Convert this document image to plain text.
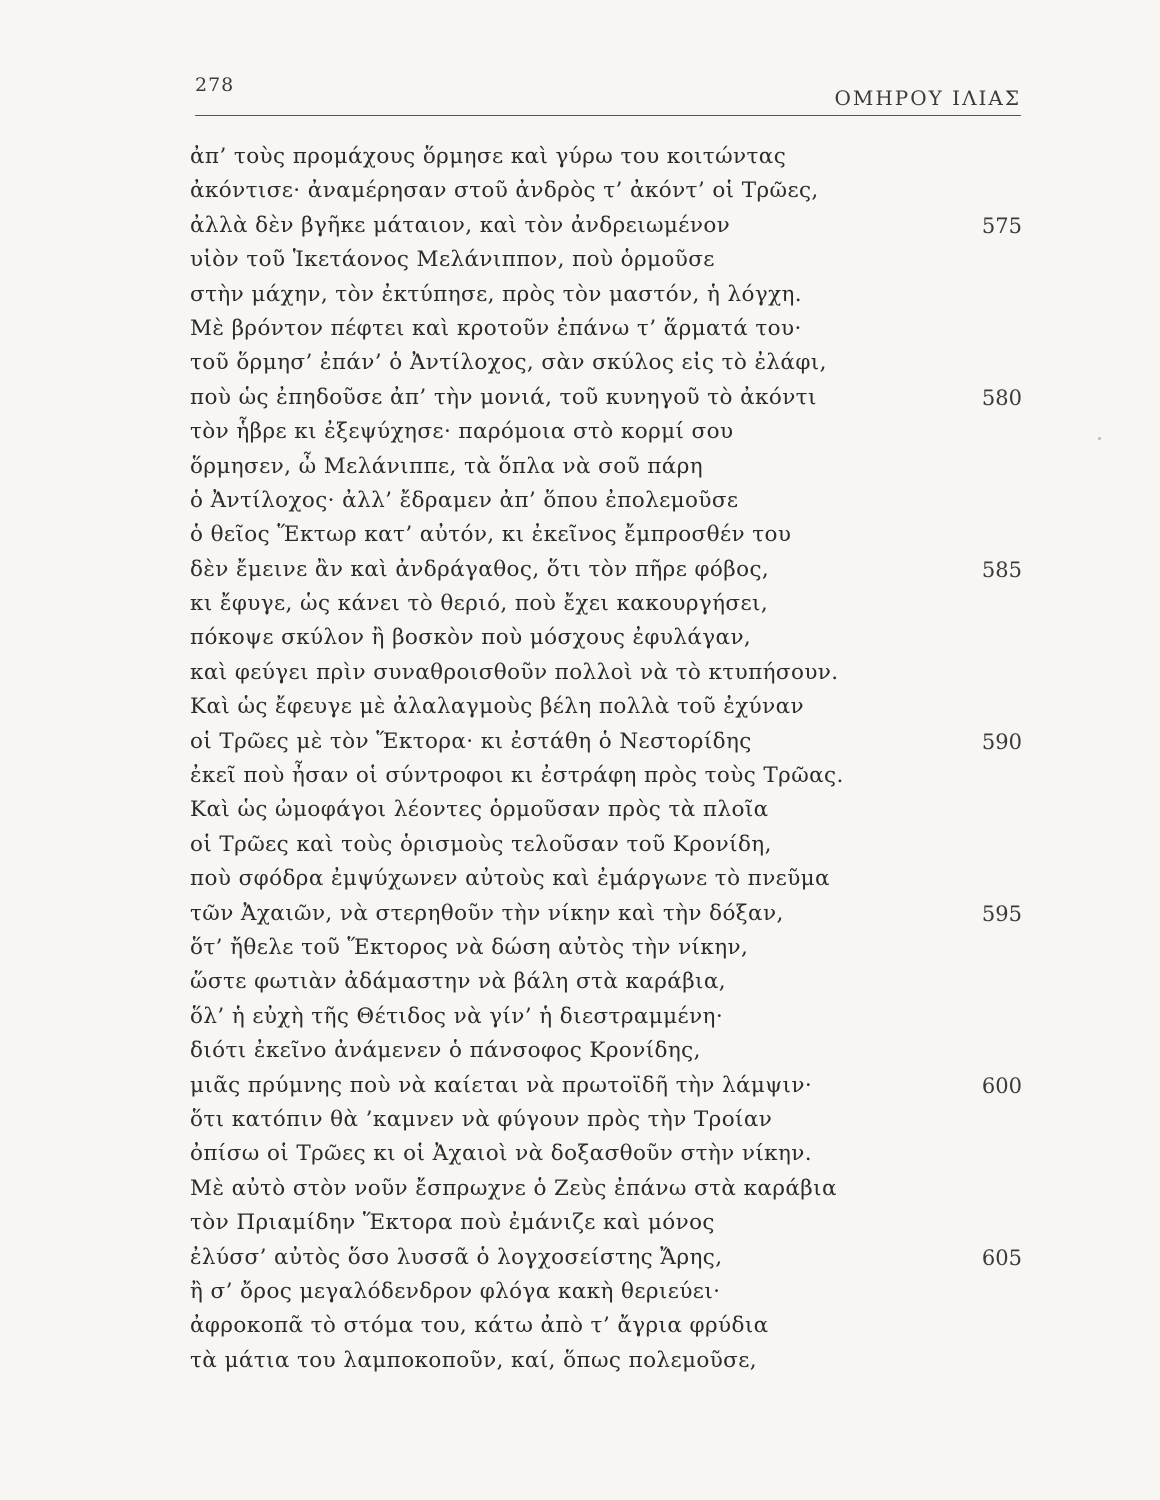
278
ΟΜΗΡΟΥ ΙΛΙΑΣ
ἀπ’ τοὺς προμάχους ὅρμησε καὶ γύρω του κοιτώντας
ἀκόντισε· ἀναμέρησαν στοῦ ἀνδρὸς τ’ ἀκόντ’ οἱ Τρῶες,
ἀλλὰ δὲν βγῆκε μάταιον, καὶ τὸν ἀνδρειωμένον	575
υἱὸν τοῦ Ἱκετάονος Μελάνιππον, ποὺ ὁρμοῦσε
στὴν μάχην, τὸν ἐκτύπησε, πρὸς τὸν μαστόν, ἡ λόγχη.
Μὲ βρόντον πέφτει καὶ κροτοῦν ἐπάνω τ’ ἅρματά του·
τοῦ ὅρμησ’ ἐπάν’ ὁ Ἀντίλοχος, σὰν σκύλος εἰς τὸ ἐλάφι,
ποὺ ὡς ἐπηδοῦσε ἀπ’ τὴν μονιά, τοῦ κυνηγοῦ τὸ ἀκόντι	580
τὸν ἧβρε κι ἐξεψύχησε· παρόμοια στὸ κορμί σου
ὅρμησεν, ὦ Μελάνιππε, τὰ ὅπλα νὰ σοῦ πάρη
ὁ Ἀντίλοχος· ἀλλ’ ἔδραμεν ἀπ’ ὅπου ἐπολεμοῦσε
ὁ θεῖος Ἕκτωρ κατ’ αὐτόν, κι ἐκεῖνος ἔμπροσθέν του
δὲν ἔμεινε ἂν καὶ ἀνδράγαθος, ὅτι τὸν πῆρε φόβος,	585
κι ἔφυγε, ὡς κάνει τὸ θεριό, ποὺ ἔχει κακουργήσει,
πόκοψε σκύλον ἢ βοσκὸν ποὺ μόσχους ἐφυλάγαν,
καὶ φεύγει πρὶν συναθροισθοῦν πολλοὶ νὰ τὸ κτυπήσουν.
Καὶ ὡς ἔφευγε μὲ ἀλαλαγμοὺς βέλη πολλὰ τοῦ ἐχύναν
οἱ Τρῶες μὲ τὸν Ἕκτορα· κι ἐστάθη ὁ Νεστορίδης	590
ἐκεῖ ποὺ ἦσαν οἱ σύντροφοι κι ἐστράφη πρὸς τοὺς Τρῶας.
Καὶ ὡς ὠμοφάγοι λέοντες ὁρμοῦσαν πρὸς τὰ πλοῖα
οἱ Τρῶες καὶ τοὺς ὁρισμοὺς τελοῦσαν τοῦ Κρονίδη,
ποὺ σφόδρα ἐμψύχωνεν αὐτοὺς καὶ ἐμάργωνε τὸ πνεῦμα
τῶν Ἀχαιῶν, νὰ στερηθοῦν τὴν νίκην καὶ τὴν δόξαν,	595
ὅτ’ ἤθελε τοῦ Ἕκτορος νὰ δώση αὐτὸς τὴν νίκην,
ὥστε φωτιὰν ἀδάμαστην νὰ βάλη στὰ καράβια,
ὅλ’ ἡ εὐχὴ τῆς Θέτιδος νὰ γίν’ ἡ διεστραμμένη·
διότι ἐκεῖνο ἀνάμενεν ὁ πάνσοφος Κρονίδης,
μιᾶς πρύμνης ποὺ νὰ καίεται νὰ πρωτοϊδῆ τὴν λάμψιν·	600
ὅτι κατόπιν θὰ ’καμνεν νὰ φύγουν πρὸς τὴν Τροίαν
ὀπίσω οἱ Τρῶες κι οἱ Ἀχαιοὶ νὰ δοξασθοῦν στὴν νίκην.
Μὲ αὐτὸ στὸν νοῦν ἔσπρωχνε ὁ Ζεὺς ἐπάνω στὰ καράβια
τὸν Πριαμίδην Ἕκτορα ποὺ ἐμάνιζε καὶ μόνος
ἐλύσσ’ αὐτὸς ὅσο λυσσᾶ ὁ λογχοσείστης Ἄρης,	605
ἢ σ’ ὄρος μεγαλόδενδρον φλόγα κακὴ θεριεύει·
ἀφροκοπᾶ τὸ στόμα του, κάτω ἀπὸ τ’ ἄγρια φρύδια
τὰ μάτια του λαμποκοποῦν, καί, ὅπως πολεμοῦσε,
